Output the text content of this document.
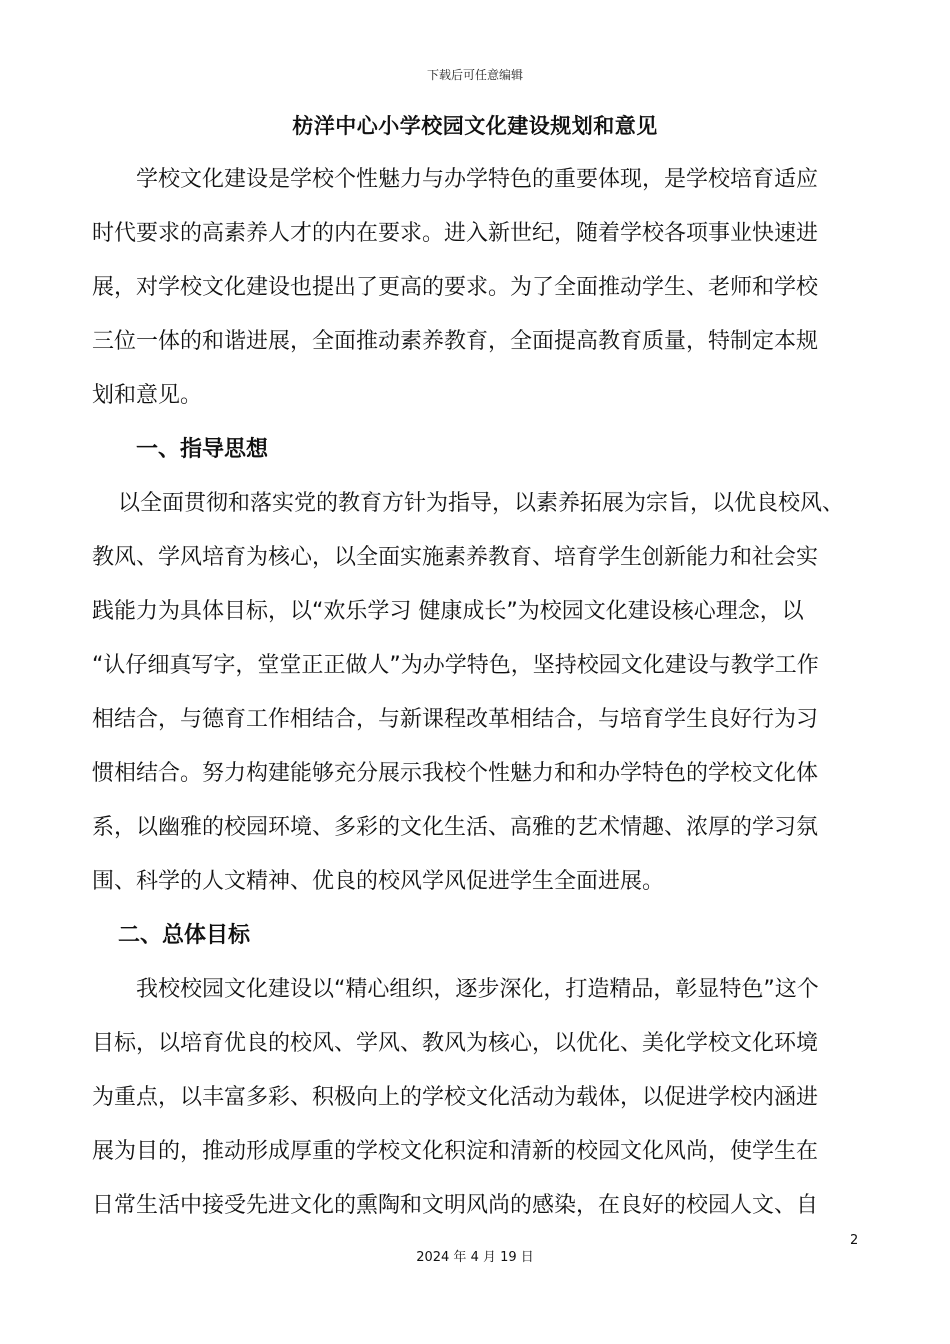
下载后可任意编辑
枋洋中心小学校园文化建设规划和意见
学校文化建设是学校个性魅力与办学特色的重要体现，是学校培育适应
时代要求的高素养人才的内在要求。进入新世纪，随着学校各项事业快速进
展，对学校文化建设也提出了更高的要求。为了全面推动学生、老师和学校
三位一体的和谐进展，全面推动素养教育，全面提高教育质量，特制定本规
划和意见。
一、指导思想
以全面贯彻和落实党的教育方针为指导，以素养拓展为宗旨，以优良校风、
教风、学风培育为核心，以全面实施素养教育、培育学生创新能力和社会实
践能力为具体目标，以“欢乐学习 健康成长”为校园文化建设核心理念，以
“认仔细真写字，堂堂正正做人”为办学特色，坚持校园文化建设与教学工作
相结合，与德育工作相结合，与新课程改革相结合，与培育学生良好行为习
惯相结合。努力构建能够充分展示我校个性魅力和和办学特色的学校文化体
系，以幽雅的校园环境、多彩的文化生活、高雅的艺术情趣、浓厚的学习氛
围、科学的人文精神、优良的校风学风促进学生全面进展。
二、总体目标
我校校园文化建设以“精心组织，逐步深化，打造精品，彰显特色”这个
目标，以培育优良的校风、学风、教风为核心，以优化、美化学校文化环境
为重点，以丰富多彩、积极向上的学校文化活动为载体，以促进学校内涵进
展为目的，推动形成厚重的学校文化积淀和清新的校园文化风尚，使学生在
日常生活中接受先进文化的熏陶和文明风尚的感染，在良好的校园人文、自
2
2024 年 4 月 19 日
